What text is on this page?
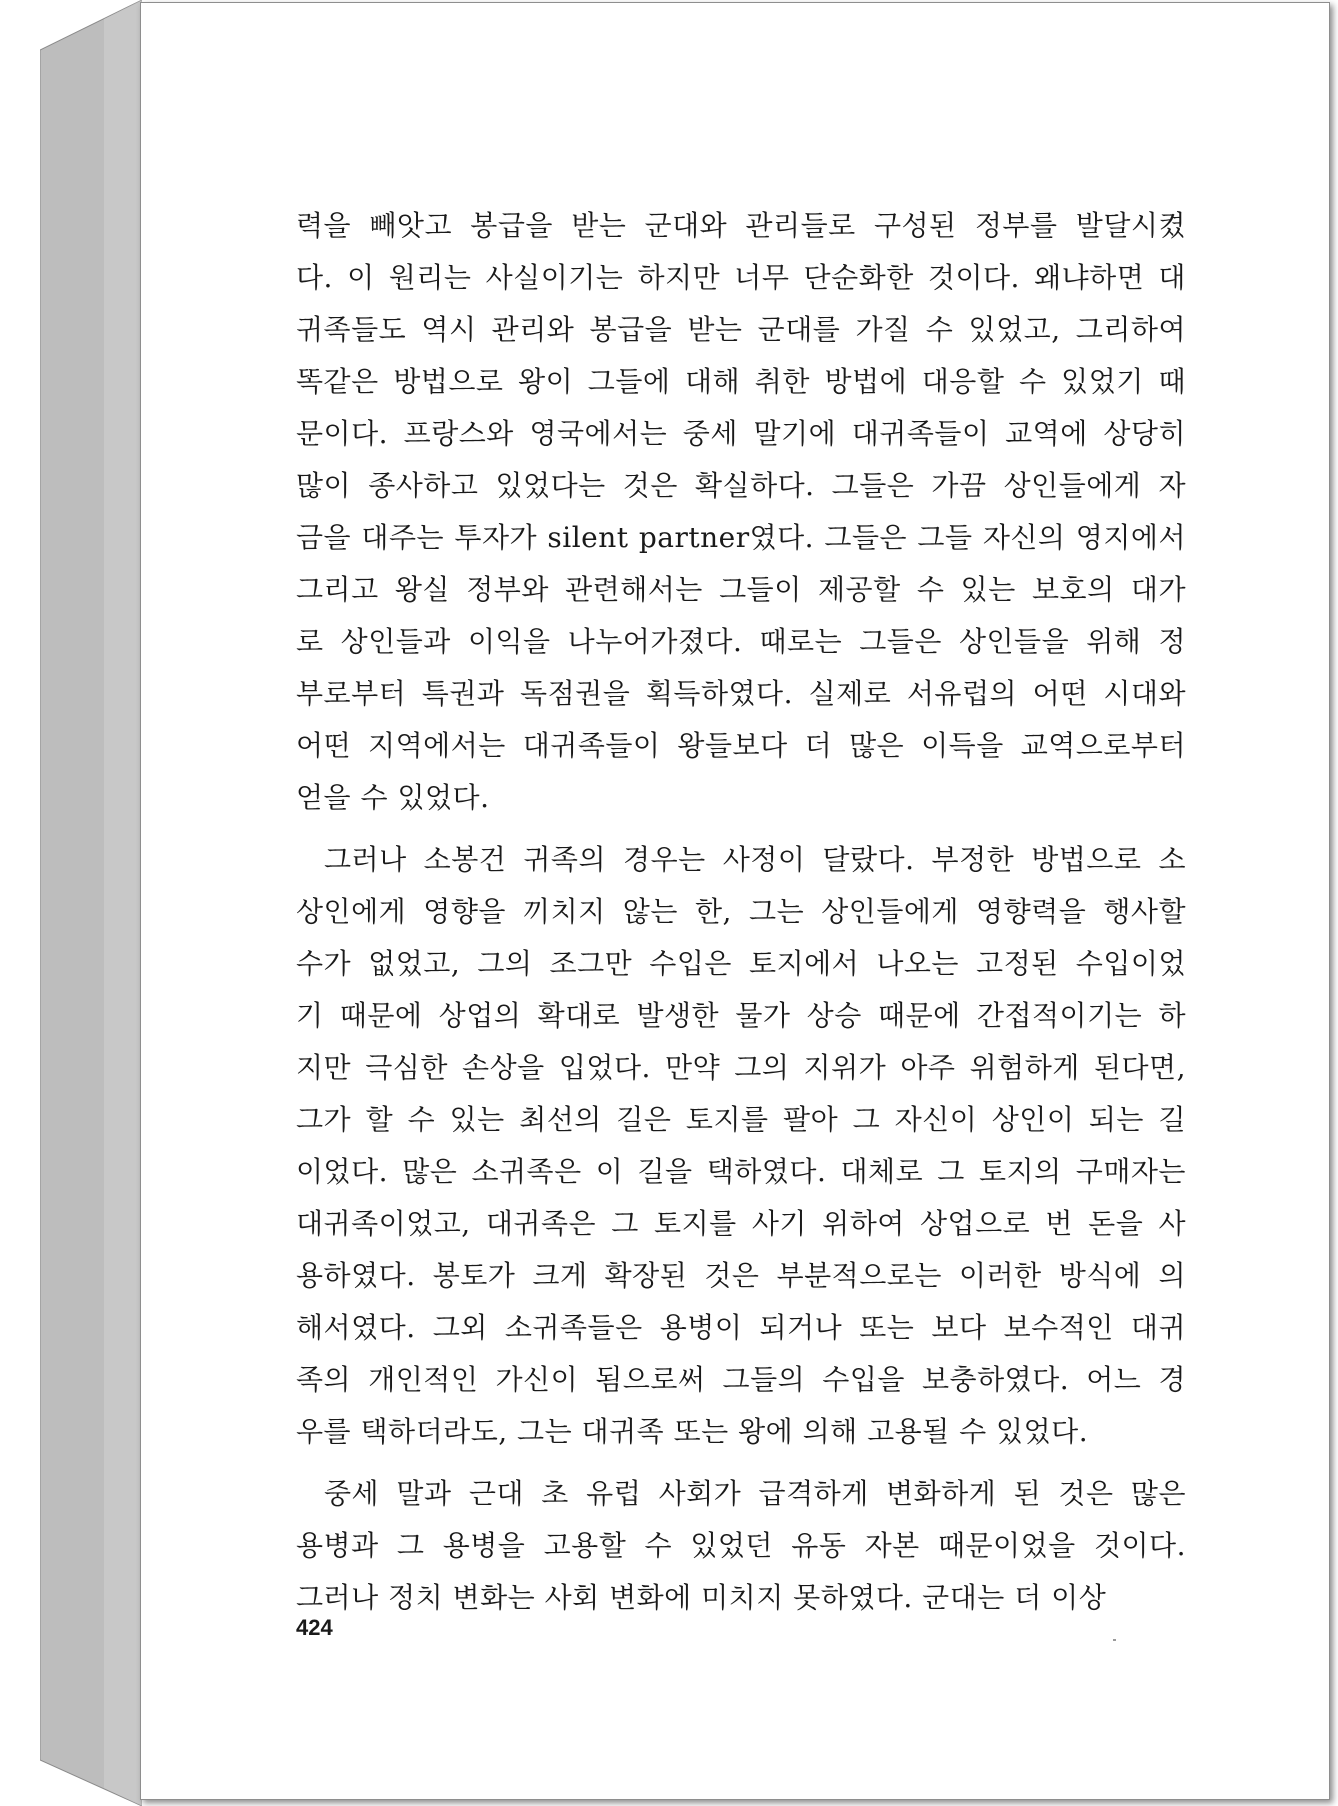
력을 빼앗고 봉급을 받는 군대와 관리들로 구성된 정부를 발달시켰
다. 이 원리는 사실이기는 하지만 너무 단순화한 것이다. 왜냐하면 대
귀족들도 역시 관리와 봉급을 받는 군대를 가질 수 있었고, 그리하여
똑같은 방법으로 왕이 그들에 대해 취한 방법에 대응할 수 있었기 때
문이다. 프랑스와 영국에서는 중세 말기에 대귀족들이 교역에 상당히
많이 종사하고 있었다는 것은 확실하다. 그들은 가끔 상인들에게 자
금을 대주는 투자가 silent partner였다. 그들은 그들 자신의 영지에서
그리고 왕실 정부와 관련해서는 그들이 제공할 수 있는 보호의 대가
로 상인들과 이익을 나누어가졌다. 때로는 그들은 상인들을 위해 정
부로부터 특권과 독점권을 획득하였다. 실제로 서유럽의 어떤 시대와
어떤 지역에서는 대귀족들이 왕들보다 더 많은 이득을 교역으로부터
얻을 수 있었다.
그러나 소봉건 귀족의 경우는 사정이 달랐다. 부정한 방법으로 소
상인에게 영향을 끼치지 않는 한, 그는 상인들에게 영향력을 행사할
수가 없었고, 그의 조그만 수입은 토지에서 나오는 고정된 수입이었
기 때문에 상업의 확대로 발생한 물가 상승 때문에 간접적이기는 하
지만 극심한 손상을 입었다. 만약 그의 지위가 아주 위험하게 된다면,
그가 할 수 있는 최선의 길은 토지를 팔아 그 자신이 상인이 되는 길
이었다. 많은 소귀족은 이 길을 택하였다. 대체로 그 토지의 구매자는
대귀족이었고, 대귀족은 그 토지를 사기 위하여 상업으로 번 돈을 사
용하였다. 봉토가 크게 확장된 것은 부분적으로는 이러한 방식에 의
해서였다. 그외 소귀족들은 용병이 되거나 또는 보다 보수적인 대귀
족의 개인적인 가신이 됨으로써 그들의 수입을 보충하였다. 어느 경
우를 택하더라도, 그는 대귀족 또는 왕에 의해 고용될 수 있었다.
중세 말과 근대 초 유럽 사회가 급격하게 변화하게 된 것은 많은
용병과 그 용병을 고용할 수 있었던 유동 자본 때문이었을 것이다.
그러나 정치 변화는 사회 변화에 미치지 못하였다. 군대는 더 이상
424
